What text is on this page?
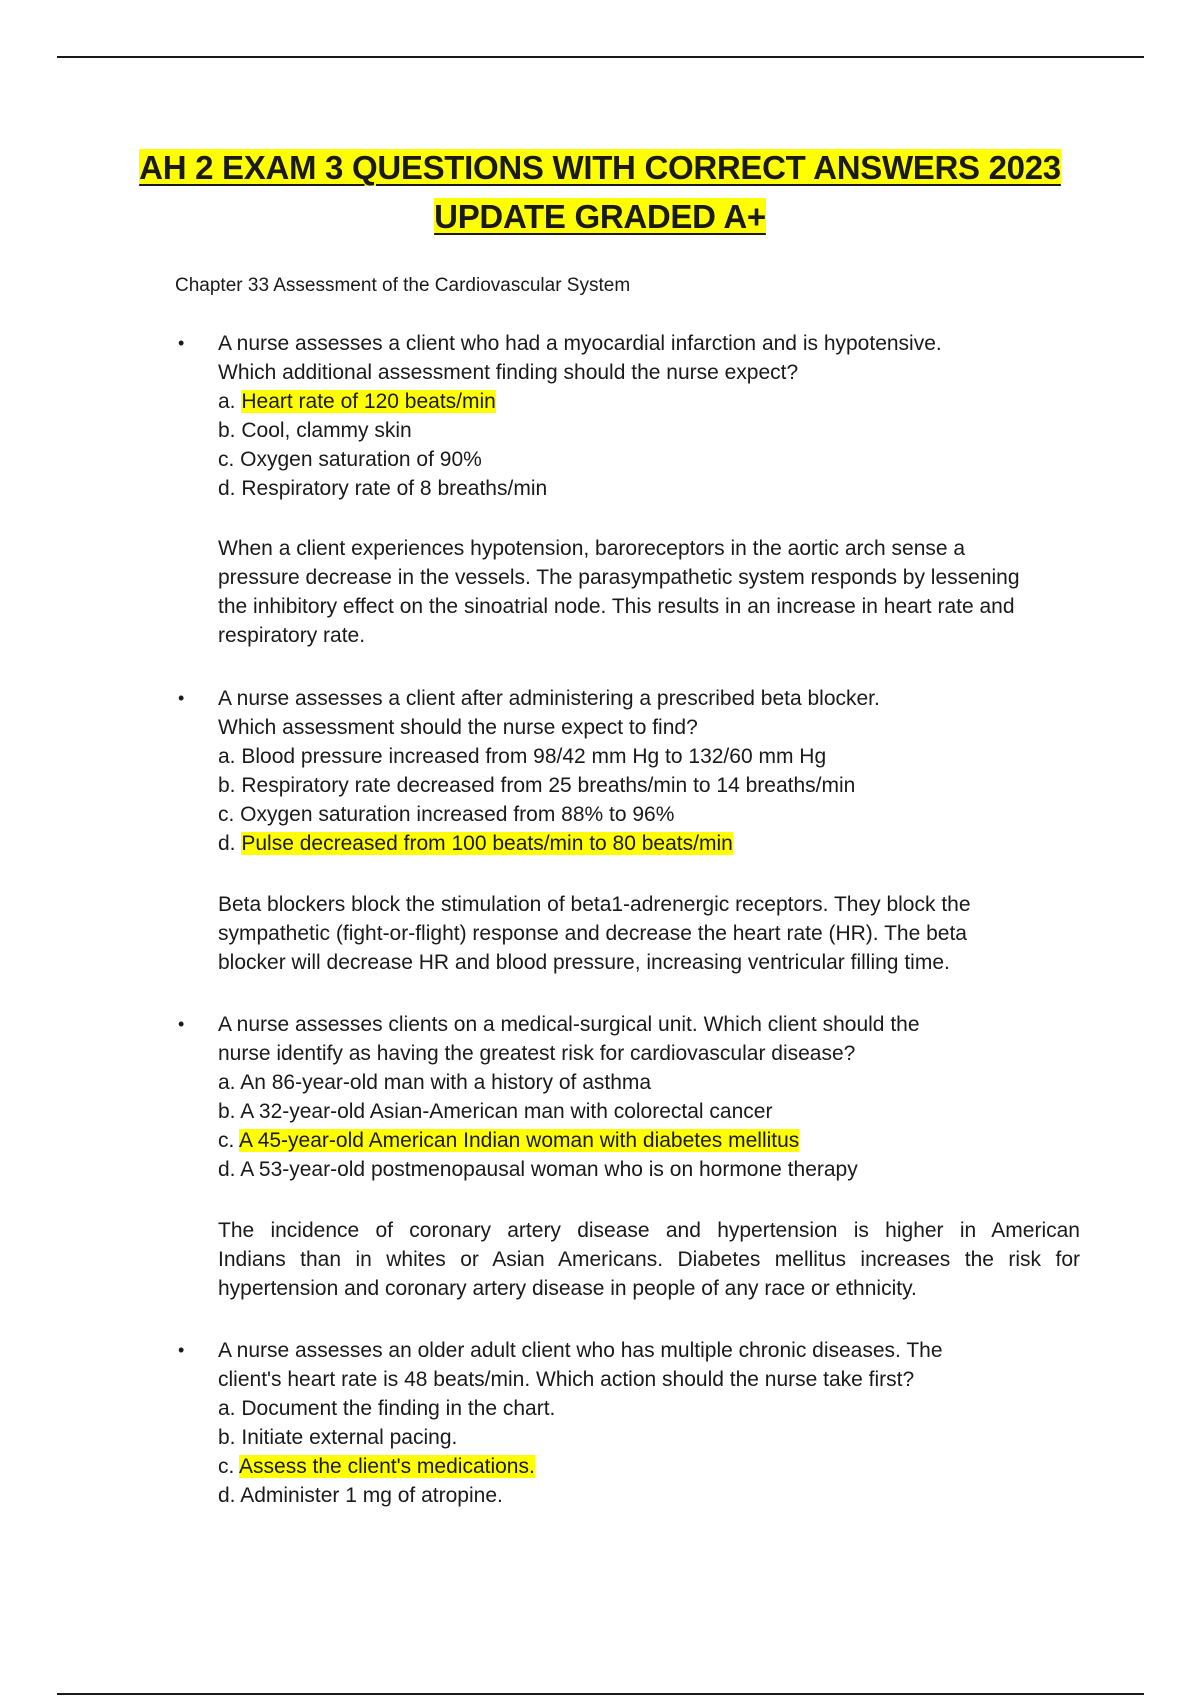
AH 2 EXAM 3 QUESTIONS WITH CORRECT ANSWERS 2023
UPDATE GRADED A+
Chapter 33 Assessment of the Cardiovascular System
• A nurse assesses a client who had a myocardial infarction and is hypotensive.
Which additional assessment finding should the nurse expect?
a. Heart rate of 120 beats/min
b. Cool, clammy skin
c. Oxygen saturation of 90%
d. Respiratory rate of 8 breaths/min
When a client experiences hypotension, baroreceptors in the aortic arch sense a
pressure decrease in the vessels. The parasympathetic system responds by lessening
the inhibitory effect on the sinoatrial node. This results in an increase in heart rate and
respiratory rate.
• A nurse assesses a client after administering a prescribed beta blocker.
Which assessment should the nurse expect to find?
a. Blood pressure increased from 98/42 mm Hg to 132/60 mm Hg
b. Respiratory rate decreased from 25 breaths/min to 14 breaths/min
c. Oxygen saturation increased from 88% to 96%
d. Pulse decreased from 100 beats/min to 80 beats/min
Beta blockers block the stimulation of beta1-adrenergic receptors. They block the
sympathetic (fight-or-flight) response and decrease the heart rate (HR). The beta
blocker will decrease HR and blood pressure, increasing ventricular filling time.
• A nurse assesses clients on a medical-surgical unit. Which client should the
nurse identify as having the greatest risk for cardiovascular disease?
a. An 86-year-old man with a history of asthma
b. A 32-year-old Asian-American man with colorectal cancer
c. A 45-year-old American Indian woman with diabetes mellitus
d. A 53-year-old postmenopausal woman who is on hormone therapy
The incidence of coronary artery disease and hypertension is higher in American
Indians than in whites or Asian Americans. Diabetes mellitus increases the risk for
hypertension and coronary artery disease in people of any race or ethnicity.
• A nurse assesses an older adult client who has multiple chronic diseases. The
client's heart rate is 48 beats/min. Which action should the nurse take first?
a. Document the finding in the chart.
b. Initiate external pacing.
c. Assess the client's medications.
d. Administer 1 mg of atropine.
